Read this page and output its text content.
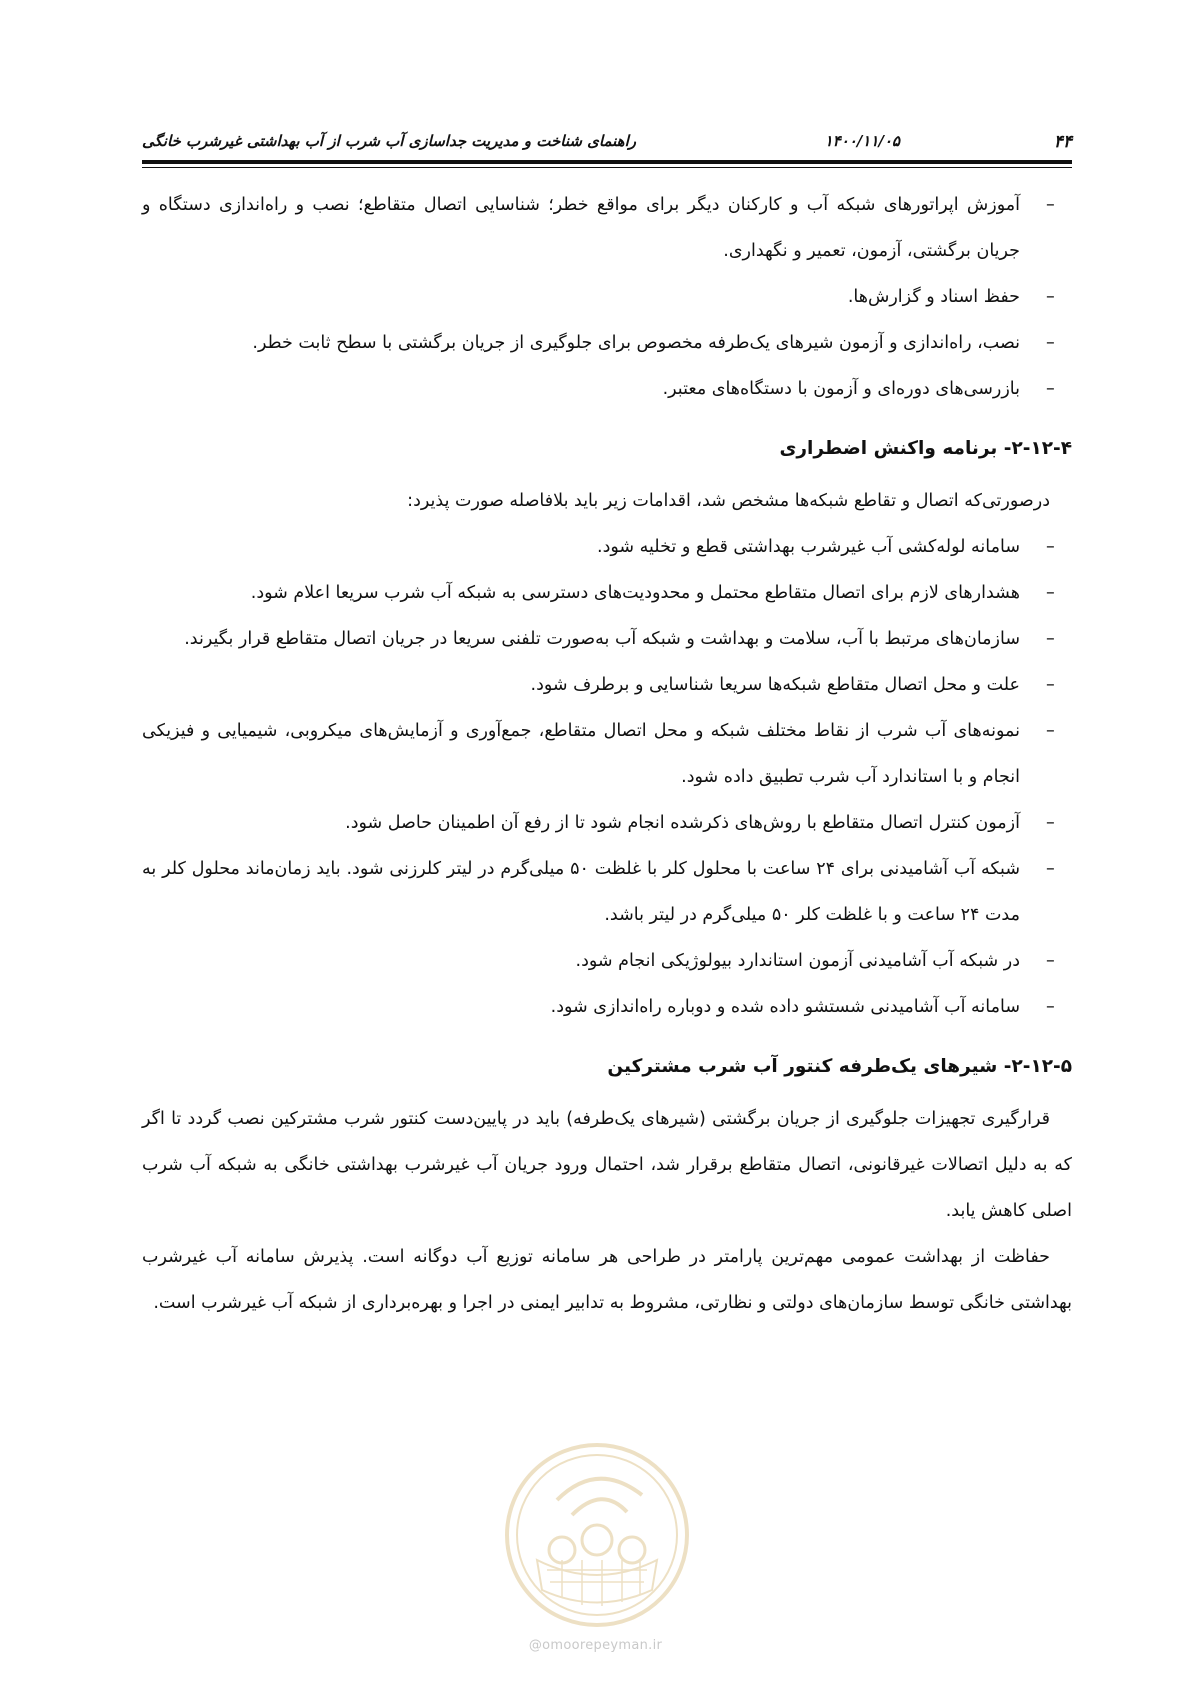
۴۴
۱۴۰۰/۱۱/۰۵
راهنمای شناخت و مدیریت جداسازی آب شرب از آب بهداشتی غیرشرب خانگی
– آموزش اپراتورهای شبکه آب و کارکنان دیگر برای مواقع خطر؛ شناسایی اتصال متقاطع؛ نصب و راه‌اندازی دستگاه و جریان برگشتی، آزمون، تعمیر و نگهداری.
– حفظ اسناد و گزارش‌ها.
– نصب، راه‌اندازی و آزمون شیرهای یک‌طرفه مخصوص برای جلوگیری از جریان برگشتی با سطح ثابت خطر.
– بازرسی‌های دوره‌ای و آزمون با دستگاه‌های معتبر.
۲-۱۲-۴- برنامه واکنش اضطراری

درصورتی‌که اتصال و تقاطع شبکه‌ها مشخص شد، اقدامات زیر باید بلافاصله صورت پذیرد:

– سامانه لوله‌کشی آب غیرشرب بهداشتی قطع و تخلیه شود.
– هشدارهای لازم برای اتصال متقاطع محتمل و محدودیت‌های دسترسی به شبکه آب شرب سریعا اعلام شود.
– سازمان‌های مرتبط با آب، سلامت و بهداشت و شبکه آب به‌صورت تلفنی سریعا در جریان اتصال متقاطع قرار بگیرند.
– علت و محل اتصال متقاطع شبکه‌ها سریعا شناسایی و برطرف شود.
– نمونه‌های آب شرب از نقاط مختلف شبکه و محل اتصال متقاطع، جمع‌آوری و آزمایش‌های میکروبی، شیمیایی و فیزیکی انجام و با استاندارد آب شرب تطبیق داده شود.
– آزمون کنترل اتصال متقاطع با روش‌های ذکرشده انجام شود تا از رفع آن اطمینان حاصل شود.
– شبکه آب آشامیدنی برای ۲۴ ساعت با محلول کلر با غلظت ۵۰ میلی‌گرم در لیتر کلرزنی شود. باید زمان‌ماند محلول کلر به مدت ۲۴ ساعت و با غلظت کلر ۵۰ میلی‌گرم در لیتر باشد.
– در شبکه آب آشامیدنی آزمون استاندارد بیولوژیکی انجام شود.
– سامانه آب آشامیدنی شستشو داده شده و دوباره راه‌اندازی شود.
۲-۱۲-۵- شیرهای یک‌طرفه کنتور آب شرب مشترکین

قرارگیری تجهیزات جلوگیری از جریان برگشتی (شیرهای یک‌طرفه) باید در پایین‌دست کنتور شرب مشترکین نصب گردد تا اگر که به دلیل اتصالات غیرقانونی، اتصال متقاطع برقرار شد، احتمال ورود جریان آب غیرشرب بهداشتی خانگی به شبکه آب شرب اصلی کاهش یابد.

حفاظت از بهداشت عمومی مهم‌ترین پارامتر در طراحی هر سامانه توزیع آب دوگانه است. پذیرش سامانه آب غیرشرب بهداشتی خانگی توسط سازمان‌های دولتی و نظارتی، مشروط به تدابیر ایمنی در اجرا و بهره‌برداری از شبکه آب غیرشرب است.

@omoorepeyman.ir
